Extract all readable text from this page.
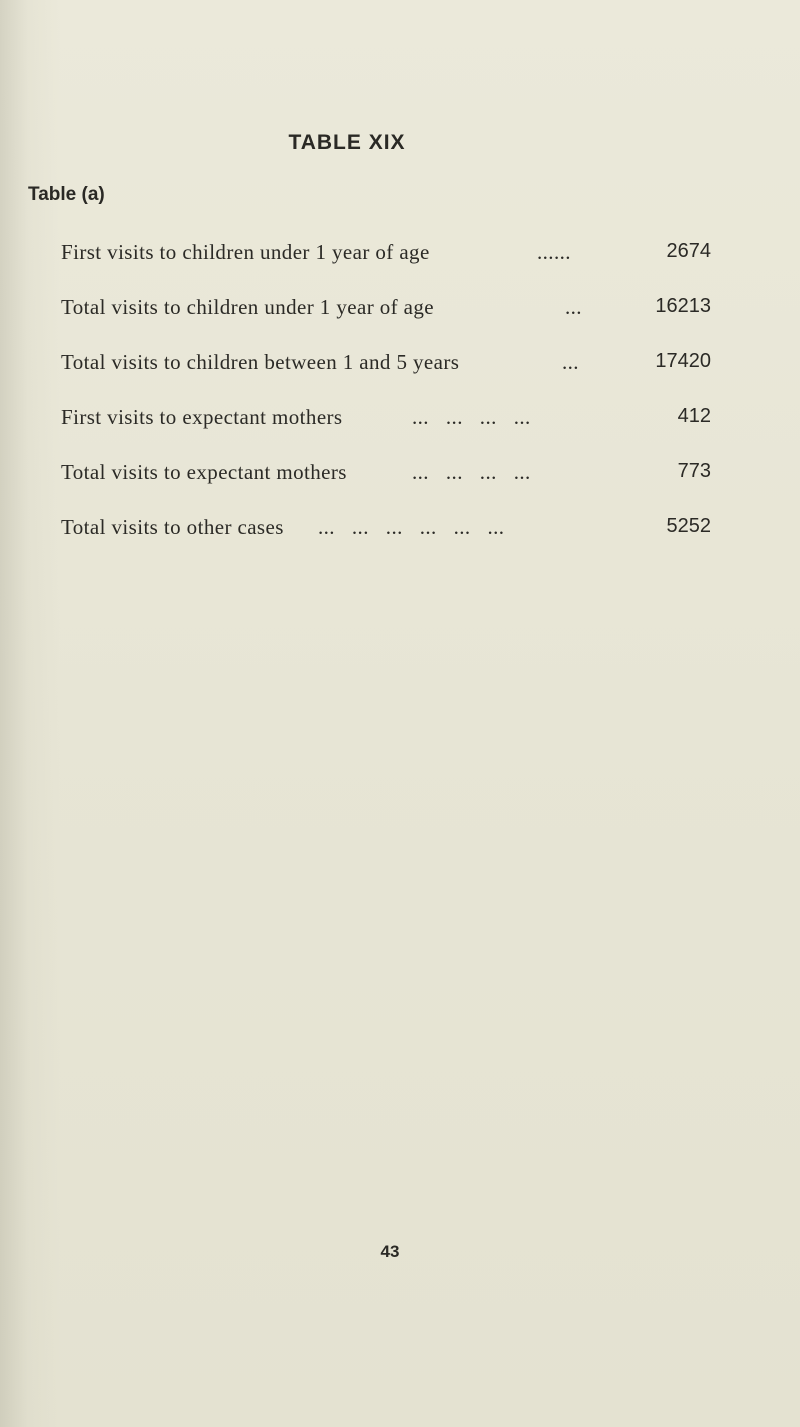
TABLE XIX
Table (a)
First visits to children under 1 year of age	......	2674
Total visits to children under 1 year of age	...	16213
Total visits to children between 1 and 5 years	...	17420
First visits to expectant mothers	...   ...   ...   ...	412
Total visits to expectant mothers	...   ...   ...   ...	773
Total visits to other cases ...   ...   ...   ...   ...   ...	5252
43
